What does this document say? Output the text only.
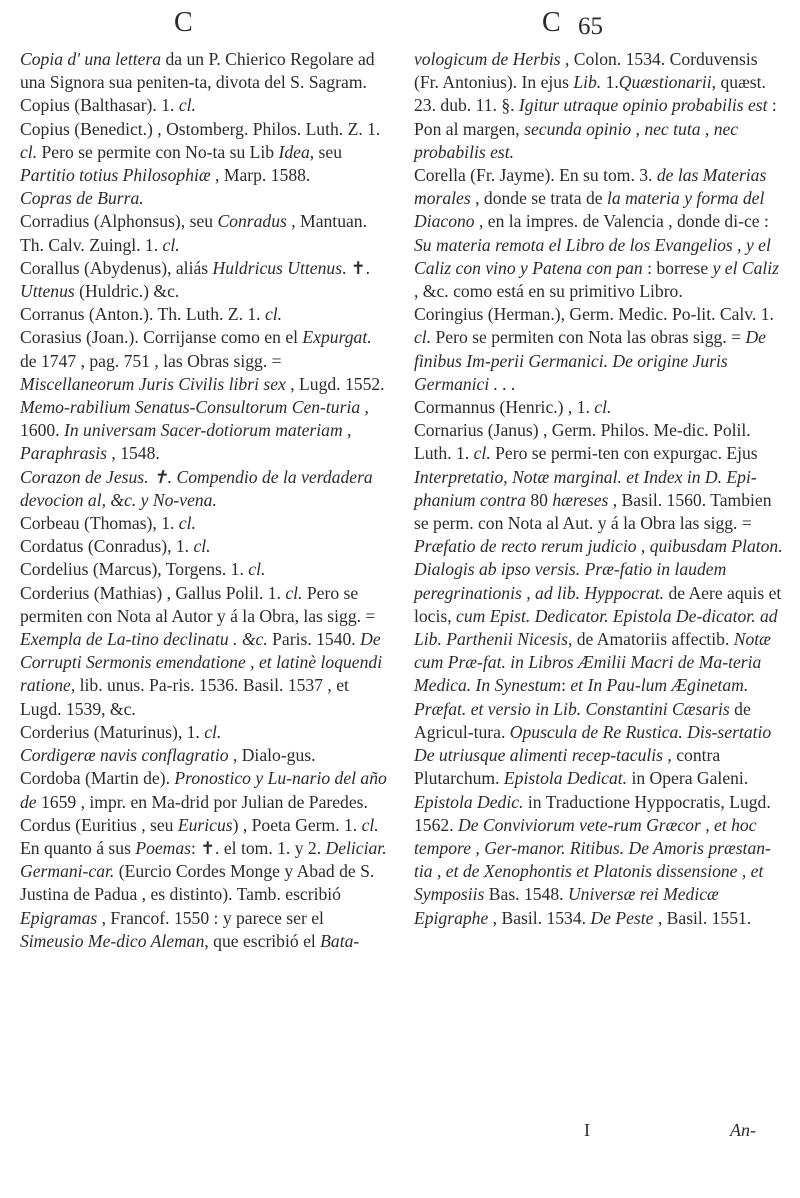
C	C 65

Copia d' una lettera da un P. Chierico Regolare ad una Signora sua peniten-ta, divota del S. Sagram.

Copius (Balthasar). 1. cl.

Copius (Benedict.) , Ostomberg. Philos. Luth. Z. 1. cl. Pero se permite con No-ta su Lib Idea, seu Partitio totius Philosophiæ , Marp. 1588.

Copras de Burra.

Corradius (Alphonsus), seu Conradus , Mantuan. Th. Calv. Zuingl. 1. cl.

Corallus (Abydenus), aliás Huldricus Uttenus. ✝. Uttenus (Huldric.) &c.

Corranus (Anton.). Th. Luth. Z. 1. cl.

Corasius (Joan.). Corrijanse como en el Expurgat. de 1747 , pag. 751 , las Obras sigg. = Miscellaneorum Juris Civilis libri sex , Lugd. 1552. Memo-rabilium Senatus-Consultorum Cen-turia , 1600. In universam Sacer-dotiorum materiam , Paraphrasis , 1548.

Corazon de Jesus. ✝. Compendio de la verdadera devocion al, &c. y No-vena.

Corbeau (Thomas), 1. cl.

Cordatus (Conradus), 1. cl.

Cordelius (Marcus), Torgens. 1. cl.

Corderius (Mathias) , Gallus Polil. 1. cl. Pero se permiten con Nota al Autor y á la Obra, las sigg. = Exempla de La-tino declinatu . &c. Paris. 1540. De Corrupti Sermonis emendatione , et latinè loquendi ratione, lib. unus. Pa-ris. 1536. Basil. 1537 , et Lugd. 1539, &c.

Corderius (Maturinus), 1. cl.

Cordigeræ navis conflagratio , Dialo-gus.

Cordoba (Martin de). Pronostico y Lu-nario del año de 1659 , impr. en Ma-drid por Julian de Paredes.

Cordus (Euritius , seu Euricus) , Poeta Germ. 1. cl. En quanto á sus Poemas: ✝. el tom. 1. y 2. Deliciar. Germani-car. (Eurcio Cordes Monge y Abad de S. Justina de Padua , es distinto). Tamb. escribió Epigramas , Francof. 1550 : y parece ser el Simeusio Me-dico Aleman, que escribió el Bata-

vologicum de Herbis , Colon. 1534. Corduvensis (Fr. Antonius). In ejus Lib. 1.Quæstionarii, quæst. 23. dub. 11. §. Igitur utraque opinio probabilis est : Pon al margen, secunda opinio , nec tuta , nec probabilis est.

Corella (Fr. Jayme). En su tom. 3. de las Materias morales , donde se trata de la materia y forma del Diacono , en la impres. de Valencia , donde di-ce : Su materia remota el Libro de los Evangelios , y el Caliz con vino y Patena con pan : borrese y el Caliz , &c. como está en su primitivo Libro.

Coringius (Herman.), Germ. Medic. Po-lit. Calv. 1. cl. Pero se permiten con Nota las obras sigg. = De finibus Im-perii Germanici. De origine Juris Germanici . . .

Cormannus (Henric.) , 1. cl.

Cornarius (Janus) , Germ. Philos. Me-dic. Polil. Luth. 1. cl. Pero se permi-ten con expurgac. Ejus Interpretatio, Notæ marginal. et Index in D. Epi-phanium contra 80 hæreses , Basil. 1560. Tambien se perm. con Nota al Aut. y á la Obra las sigg. = Præfatio de recto rerum judicio , quibusdam Platon. Dialogis ab ipso versis. Præ-fatio in laudem peregrinationis , ad lib. Hyppocrat. de Aere aquis et locis, cum Epist. Dedicator. Epistola De-dicator. ad Lib. Parthenii Nicesis, de Amatoriis affectib. Notæ cum Præ-fat. in Libros Æmilii Macri de Ma-teria Medica. In Synestum: et In Pau-lum Æginetam. Præfat. et versio in Lib. Constantini Cæsaris de Agricul-tura. Opuscula de Re Rustica. Dis-sertatio De utriusque alimenti recep-taculis , contra Plutarchum. Epistola Dedicat. in Opera Galeni. Epistola Dedic. in Traductione Hyppocratis, Lugd. 1562. De Conviviorum vete-rum Græcor , et hoc tempore , Ger-manor. Ritibus. De Amoris præstan-tia , et de Xenophontis et Platonis dissensione , et Symposiis Bas. 1548. Universæ rei Medicæ Epigraphe , Basil. 1534. De Peste , Basil. 1551.

I	An-
